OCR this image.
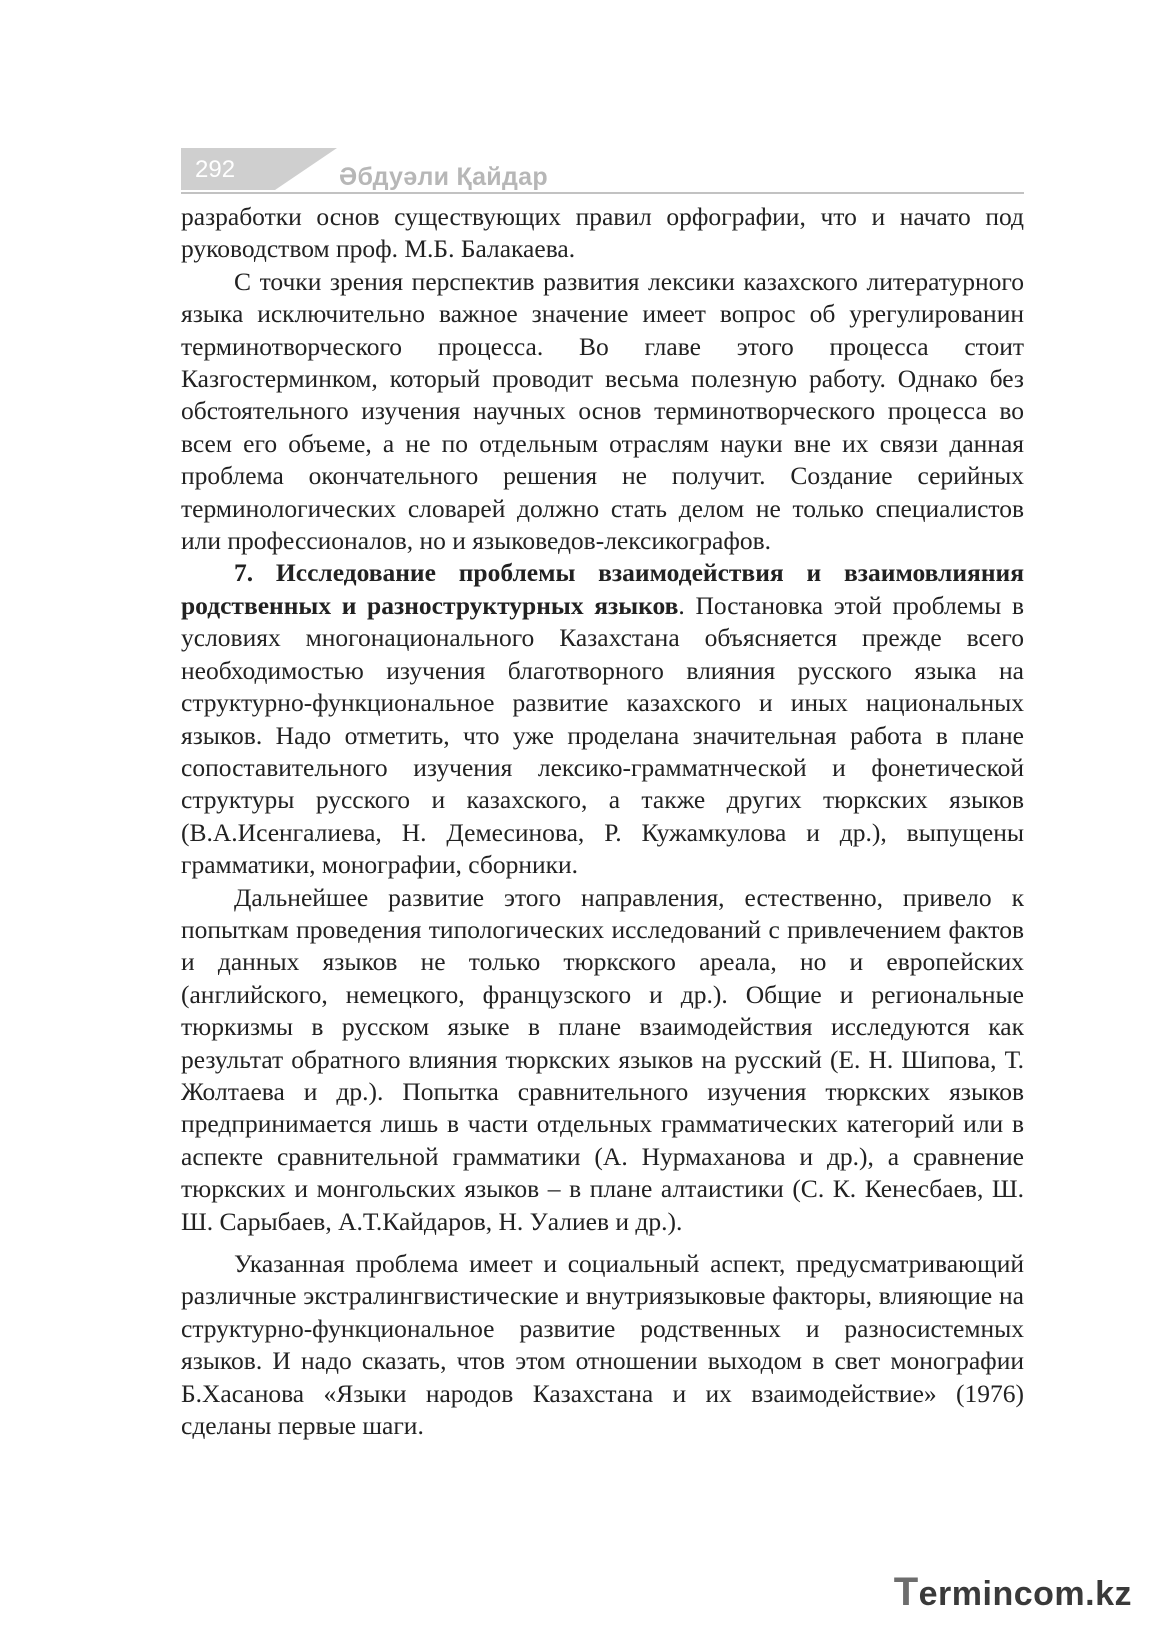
292	Әбдуәли Қайдар

разработки основ существующих правил орфографии, что и начато под руководством проф. М.Б. Балакаева.

С точки зрения перспектив развития лексики казахского литературного языка исключительно важное значение имеет вопрос об урегулированин терминотворческого процесса. Во главе этого процесса стоит Казгостерминком, который проводит весьма полезную работу. Однако без обстоятельного изучения научных основ терминотворческого процесса во всем его объеме, а не по отдельным отраслям науки вне их связи данная проблема окончательного решения не получит. Создание серийных терминологических словарей должно стать делом не только специалистов или профессионалов, но и языковедов-лексикографов.

7. Исследование проблемы взаимодействия и взаимовлияния родственных и разноструктурных языков. Постановка этой проблемы в условиях многонационального Казахстана объясняется прежде всего необходимостью изучения благотворного влияния русского языка на структурно-функциональное развитие казахского и иных национальных языков. Надо отметить, что уже проделана значительная работа в плане сопоставительного изучения лексико-грамматнческой и фонетической структуры русского и казахского, а также других тюркских языков (В.А.Исенгалиева, Н. Демесинова, Р. Кужамкулова и др.), выпущены грамматики, монографии, сборники.

Дальнейшее развитие этого направления, естественно, привело к попыткам проведения типологических исследований с привлечением фактов и данных языков не только тюркского ареала, но и европейских (английского, немецкого, французского и др.). Общие и региональные тюркизмы в русском языке в плане взаимодействия исследуются как результат обратного влияния тюркских языков на русский (Е. Н. Шипова, Т. Жолтаева и др.). Попытка сравнительного изучения тюркских языков предпринимается лишь в части отдельных грамматических категорий или в аспекте сравнительной грамматики (А. Нурмаханова и др.), а сравнение тюркских и монгольских языков – в плане алтаистики (С. К. Кенесбаев, Ш. Ш. Сарыбаев, А.Т.Кайдаров, Н. Уалиев и др.).

Указанная проблема имеет и социальный аспект, предусматривающий различные экстралингвистические и внутриязыковые факторы, влияющие на структурно-функциональное развитие родственных и разносистемных языков. И надо сказать, чтов этом отношении выходом в свет монографии Б.Хасанова «Языки народов Казахстана и их взаимодействие» (1976) сделаны первые шаги.

Termincom.kz
